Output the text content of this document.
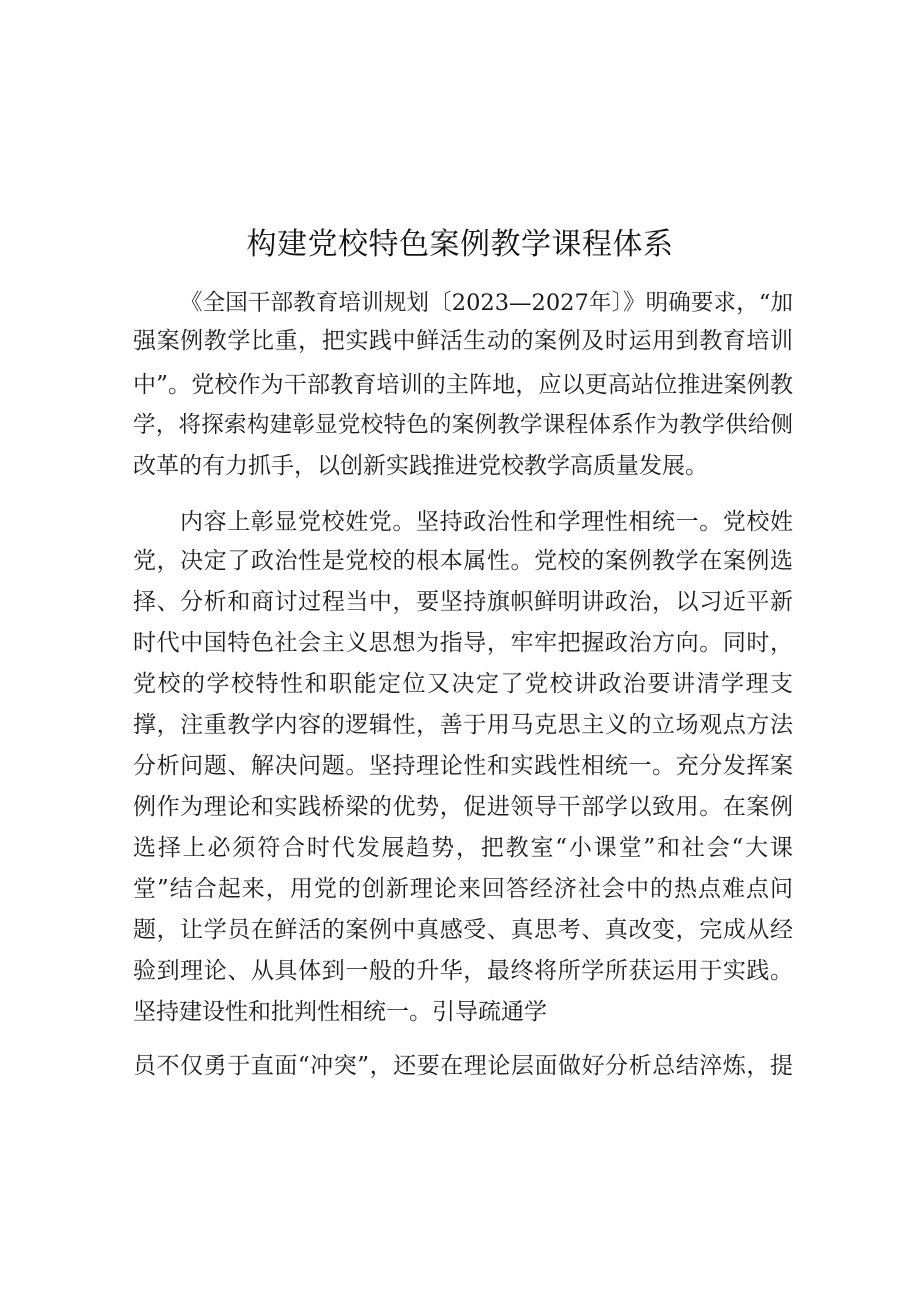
构建党校特色案例教学课程体系
《全国干部教育培训规划〔2023—2027年〕》明确要求，“加
强案例教学比重，把实践中鲜活生动的案例及时运用到教育培训
中”。党校作为干部教育培训的主阵地，应以更高站位推进案例教
学，将探索构建彰显党校特色的案例教学课程体系作为教学供给侧
改革的有力抓手，以创新实践推进党校教学高质量发展。
内容上彰显党校姓党。坚持政治性和学理性相统一。党校姓
党，决定了政治性是党校的根本属性。党校的案例教学在案例选
择、分析和商讨过程当中，要坚持旗帜鲜明讲政治，以习近平新
时代中国特色社会主义思想为指导，牢牢把握政治方向。同时，
党校的学校特性和职能定位又决定了党校讲政治要讲清学理支
撑，注重教学内容的逻辑性，善于用马克思主义的立场观点方法
分析问题、解决问题。坚持理论性和实践性相统一。充分发挥案
例作为理论和实践桥梁的优势，促进领导干部学以致用。在案例
选择上必须符合时代发展趋势，把教室“小课堂”和社会“大课
堂”结合起来，用党的创新理论来回答经济社会中的热点难点问
题，让学员在鲜活的案例中真感受、真思考、真改变，完成从经
验到理论、从具体到一般的升华，最终将所学所获运用于实践。
坚持建设性和批判性相统一。引导疏通学
员不仅勇于直面“冲突”，还要在理论层面做好分析总结淬炼，提
